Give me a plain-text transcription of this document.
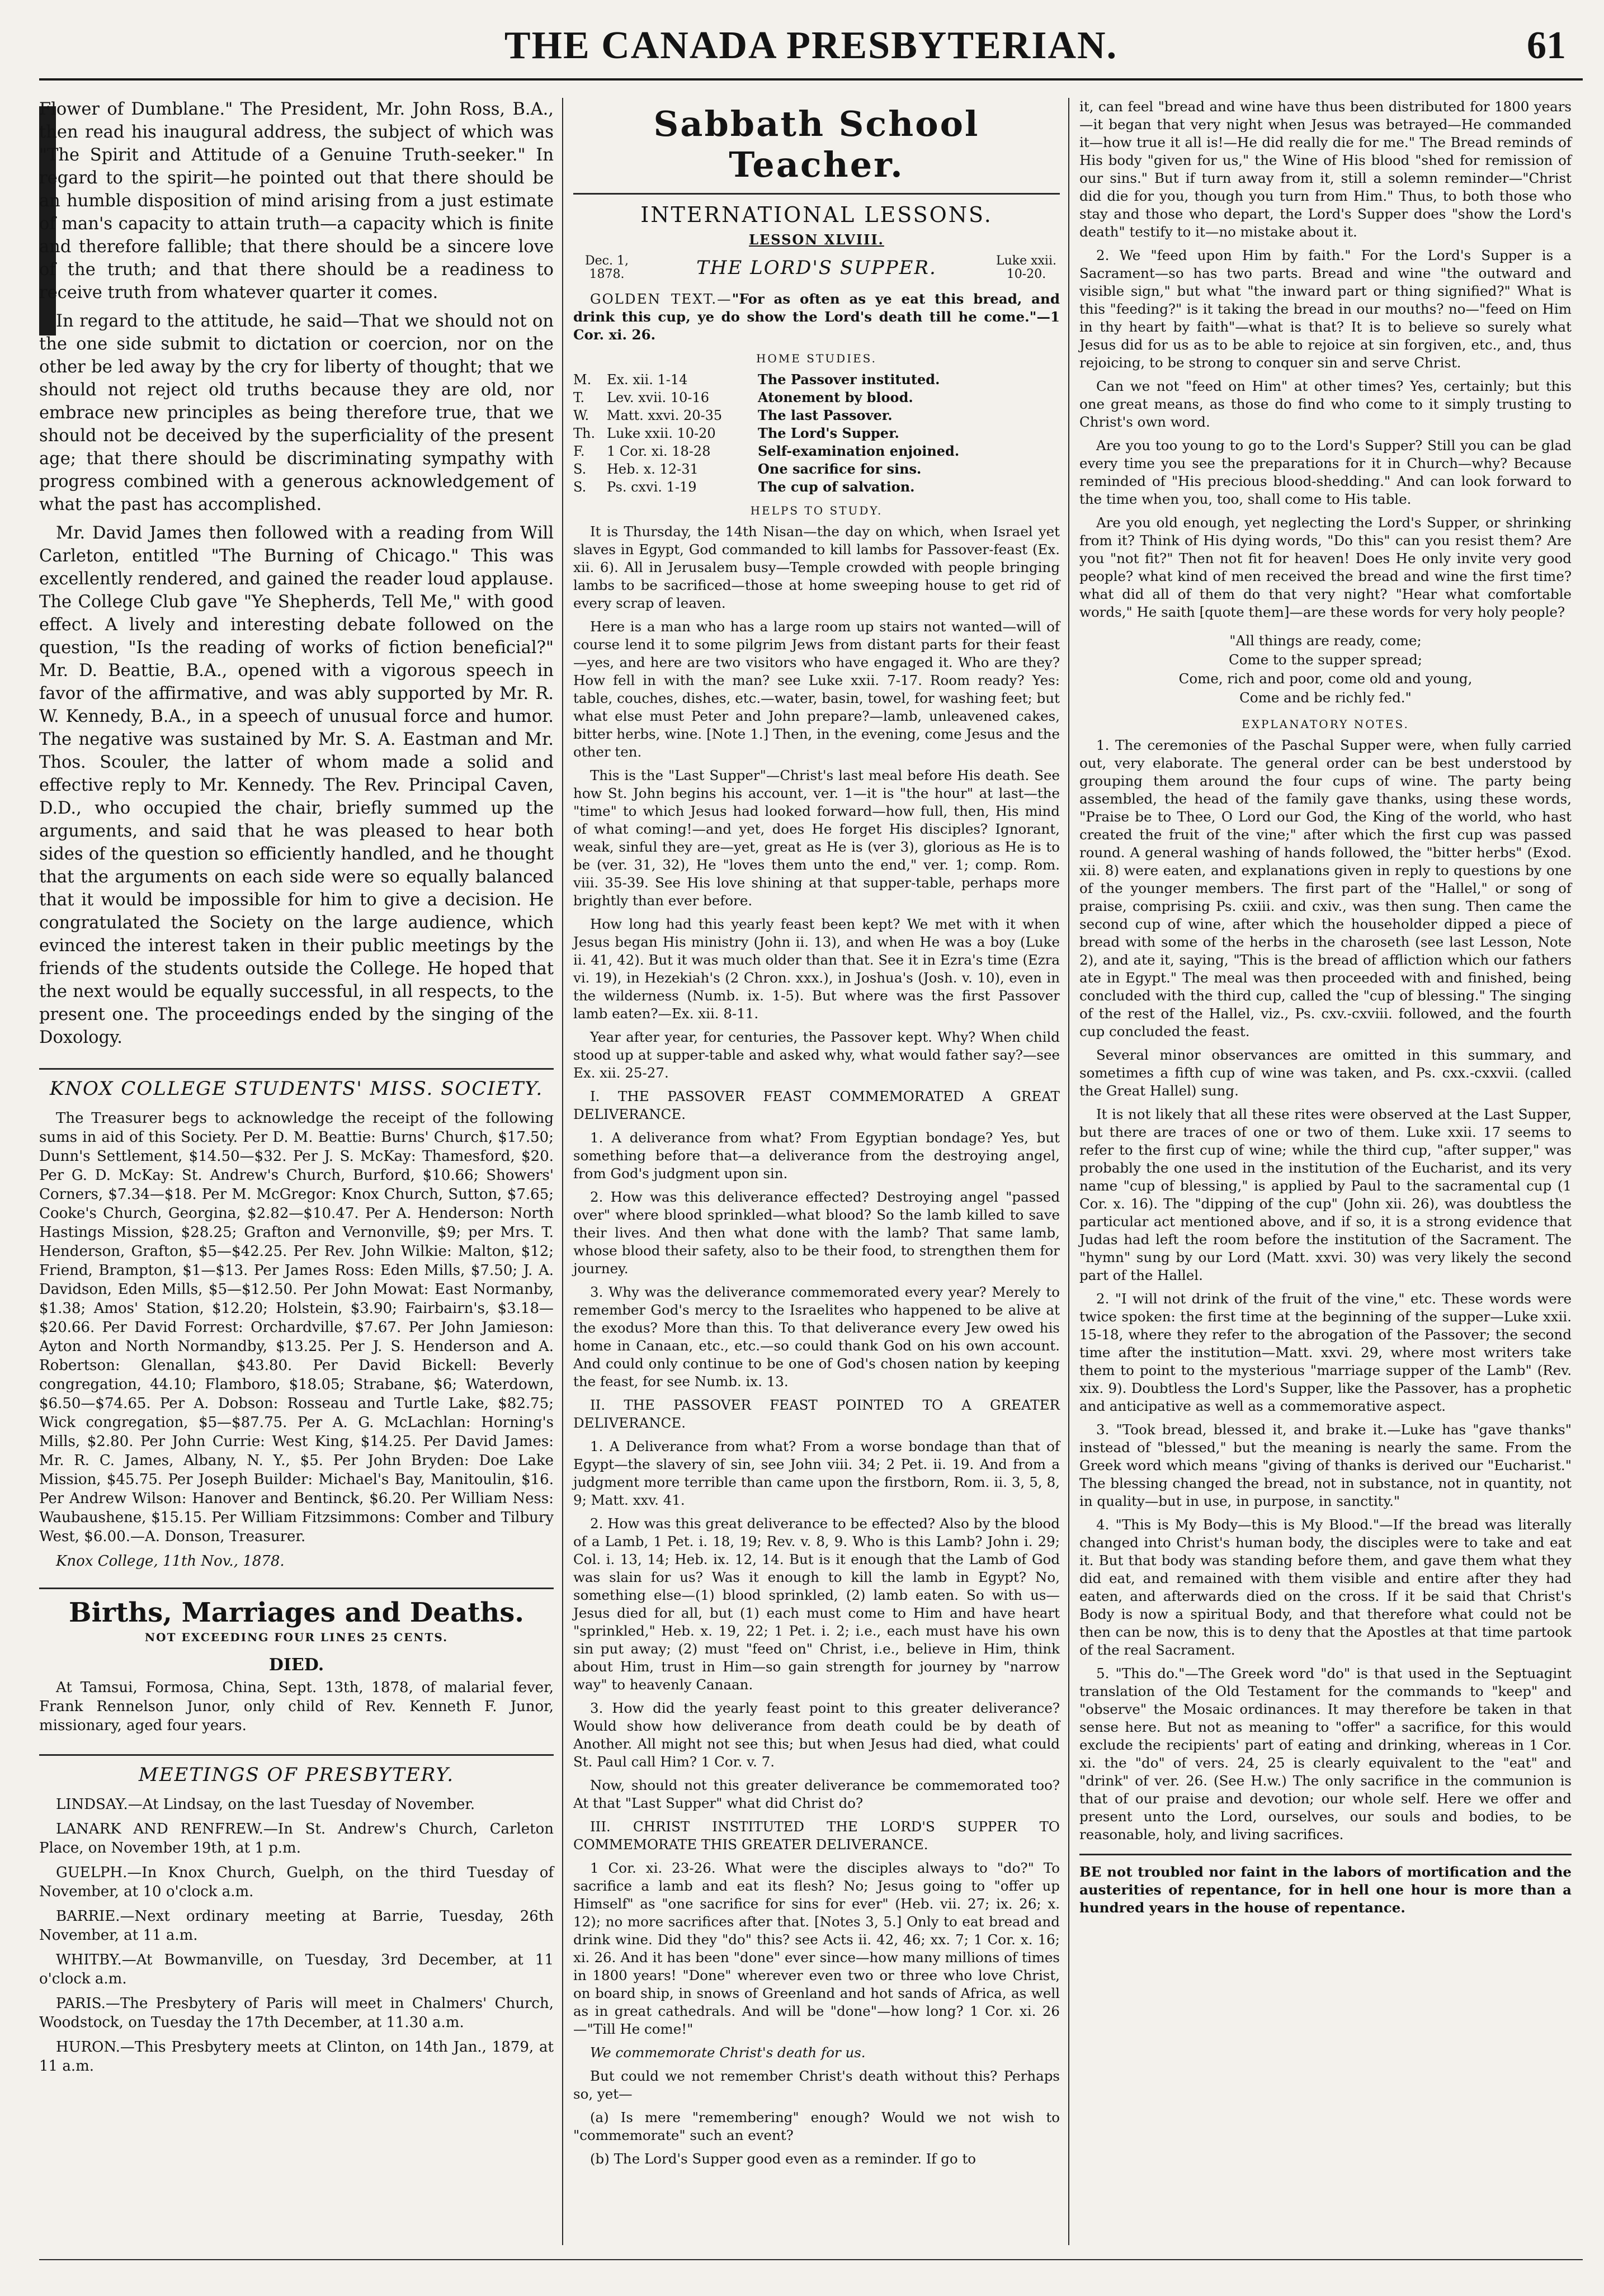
THE CANADA PRESBYTERIAN.	61

Flower of Dumblane." The President, Mr. John Ross, B.A., then read his inaugural address, the subject of which was "The Spirit and Attitude of a Genuine Truth-seeker." In regard to the spirit—he pointed out that there should be an humble disposition of mind arising from a just estimate of man's capacity to attain truth—a capacity which is finite and therefore fallible; that there should be a sincere love of the truth; and that there should be a readiness to receive truth from whatever quarter it comes.

In regard to the attitude, he said—That we should not on the one side submit to dictation or coercion, nor on the other be led away by the cry for liberty of thought; that we should not reject old truths because they are old, nor embrace new principles as being therefore true, that we should not be deceived by the superficiality of the present age; that there should be discriminating sympathy with progress combined with a generous acknowledgement of what the past has accomplished.

Mr. David James then followed with a reading from Will Carleton, entitled "The Burning of Chicago." This was excellently rendered, and gained the reader loud applause. The College Club gave "Ye Shepherds, Tell Me," with good effect. A lively and interesting debate followed on the question, "Is the reading of works of fiction beneficial?" Mr. D. Beattie, B.A., opened with a vigorous speech in favor of the affirmative, and was ably supported by Mr. R. W. Kennedy, B.A., in a speech of unusual force and humor. The negative was sustained by Mr. S. A. Eastman and Mr. Thos. Scouler, the latter of whom made a solid and effective reply to Mr. Kennedy. The Rev. Principal Caven, D.D., who occupied the chair, briefly summed up the arguments, and said that he was pleased to hear both sides of the question so efficiently handled, and he thought that the arguments on each side were so equally balanced that it would be impossible for him to give a decision. He congratulated the Society on the large audience, which evinced the interest taken in their public meetings by the friends of the students outside the College. He hoped that the next would be equally successful, in all respects, to the present one. The proceedings ended by the singing of the Doxology.

KNOX COLLEGE STUDENTS' MISS. SOCIETY.

The Treasurer begs to acknowledge the receipt of the following sums in aid of this Society. Per D. M. Beattie: Burns' Church, $17.50; Dunn's Settlement, $14.50—$32. Per J. S. McKay: Thamesford, $20. Per G. D. McKay: St. Andrew's Church, Burford, $10.66; Showers' Corners, $7.34—$18. Per M. McGregor: Knox Church, Sutton, $7.65; Cooke's Church, Georgina, $2.82—$10.47. Per A. Henderson: North Hastings Mission, $28.25; Grafton and Vernonville, $9; per Mrs. T. Henderson, Grafton, $5—$42.25. Per Rev. John Wilkie: Malton, $12; Friend, Brampton, $1—$13. Per James Ross: Eden Mills, $7.50; J. A. Davidson, Eden Mills, $5—$12.50. Per John Mowat: East Normanby, $1.38; Amos' Station, $12.20; Holstein, $3.90; Fairbairn's, $3.18—$20.66. Per David Forrest: Orchardville, $7.67. Per John Jamieson: Ayton and North Normandby, $13.25. Per J. S. Henderson and A. Robertson: Glenallan, $43.80. Per David Bickell: Beverly congregation, 44.10; Flamboro, $18.05; Strabane, $6; Waterdown, $6.50—$74.65. Per A. Dobson: Rosseau and Turtle Lake, $82.75; Wick congregation, $5—$87.75. Per A. G. McLachlan: Horning's Mills, $2.80. Per John Currie: West King, $14.25. Per David James: Mr. R. C. James, Albany, N. Y., $5. Per John Bryden: Doe Lake Mission, $45.75. Per Joseph Builder: Michael's Bay, Manitoulin, $16. Per Andrew Wilson: Hanover and Bentinck, $6.20. Per William Ness: Waubaushene, $15.15. Per William Fitzsimmons: Comber and Tilbury West, $6.00.—A. Donson, Treasurer.

Knox College, 11th Nov., 1878.

Births, Marriages and Deaths.
NOT EXCEEDING FOUR LINES 25 CENTS.
DIED.

At Tamsui, Formosa, China, Sept. 13th, 1878, of malarial fever, Frank Rennelson Junor, only child of Rev. Kenneth F. Junor, missionary, aged four years.

MEETINGS OF PRESBYTERY.

LINDSAY.—At Lindsay, on the last Tuesday of November.

LANARK AND RENFREW.—In St. Andrew's Church, Carleton Place, on November 19th, at 1 p.m.

GUELPH.—In Knox Church, Guelph, on the third Tuesday of November, at 10 o'clock a.m.

BARRIE.—Next ordinary meeting at Barrie, Tuesday, 26th November, at 11 a.m.

WHITBY.—At Bowmanville, on Tuesday, 3rd December, at 11 o'clock a.m.

PARIS.—The Presbytery of Paris will meet in Chalmers' Church, Woodstock, on Tuesday the 17th December, at 11.30 a.m.

HURON.—This Presbytery meets at Clinton, on 14th Jan., 1879, at 11 a.m.

Sabbath School Teacher.
INTERNATIONAL LESSONS.
LESSON XLVIII.
Dec. 1, 1878.	THE LORD'S SUPPER.	Luke xxii. 10-20.

GOLDEN TEXT.—"For as often as ye eat this bread, and drink this cup, ye do show the Lord's death till he come."—1 Cor. xi. 26.

HOME STUDIES.
M.	Ex. xii. 1-14	The Passover instituted.
T.	Lev. xvii. 10-16	Atonement by blood.
W.	Matt. xxvi. 20-35	The last Passover.
Th. Luke xxii. 10-20	The Lord's Supper.
F.	1 Cor. xi. 18-28	Self-examination enjoined.
S.	Heb. x. 12-31	One sacrifice for sins.
S.	Ps. cxvi. 1-19	The cup of salvation.
HELPS TO STUDY.

It is Thursday, the 14th Nisan—the day on which, when Israel yet slaves in Egypt, God commanded to kill lambs for Passover-feast (Ex. xii. 6). All in Jerusalem busy—Temple crowded with people bringing lambs to be sacrificed—those at home sweeping house to get rid of every scrap of leaven.

Here is a man who has a large room up stairs not wanted—will of course lend it to some pilgrim Jews from distant parts for their feast—yes, and here are two visitors who have engaged it. Who are they? How fell in with the man? see Luke xxii. 7-17. Room ready? Yes: table, couches, dishes, etc.—water, basin, towel, for washing feet; but what else must Peter and John prepare?—lamb, unleavened cakes, bitter herbs, wine. [Note 1.] Then, in the evening, come Jesus and the other ten.

This is the "Last Supper"—Christ's last meal before His death. See how St. John begins his account, ver. 1—it is "the hour" at last—the "time" to which Jesus had looked forward—how full, then, His mind of what coming!—and yet, does He forget His disciples? Ignorant, weak, sinful they are—yet, great as He is (ver 3), glorious as He is to be (ver. 31, 32), He "loves them unto the end," ver. 1; comp. Rom. viii. 35-39. See His love shining at that supper-table, perhaps more brightly than ever before.

How long had this yearly feast been kept? We met with it when Jesus began His ministry (John ii. 13), and when He was a boy (Luke ii. 41, 42). But it was much older than that. See it in Ezra's time (Ezra vi. 19), in Hezekiah's (2 Chron. xxx.), in Joshua's (Josh. v. 10), even in the wilderness (Numb. ix. 1-5). But where was the first Passover lamb eaten?—Ex. xii. 8-11.

Year after year, for centuries, the Passover kept. Why? When child stood up at supper-table and asked why, what would father say?—see Ex. xii. 25-27.

I. THE PASSOVER FEAST COMMEMORATED A GREAT DELIVERANCE.

1. A deliverance from what? From Egyptian bondage? Yes, but something before that—a deliverance from the destroying angel, from God's judgment upon sin.

2. How was this deliverance effected? Destroying angel "passed over" where blood sprinkled—what blood? So the lamb killed to save their lives. And then what done with the lamb? That same lamb, whose blood their safety, also to be their food, to strengthen them for journey.

3. Why was the deliverance commemorated every year? Merely to remember God's mercy to the Israelites who happened to be alive at the exodus? More than this. To that deliverance every Jew owed his home in Canaan, etc., etc.—so could thank God on his own account. And could only continue to be one of God's chosen nation by keeping the feast, for see Numb. ix. 13.

II. THE PASSOVER FEAST POINTED TO A GREATER DELIVERANCE.

1. A Deliverance from what? From a worse bondage than that of Egypt—the slavery of sin, see John viii. 34; 2 Pet. ii. 19. And from a judgment more terrible than came upon the firstborn, Rom. ii. 3, 5, 8, 9; Matt. xxv. 41.

2. How was this great deliverance to be effected? Also by the blood of a Lamb, 1 Pet. i. 18, 19; Rev. v. 8, 9. Who is this Lamb? John i. 29; Col. i. 13, 14; Heb. ix. 12, 14. But is it enough that the Lamb of God was slain for us? Was it enough to kill the lamb in Egypt? No, something else—(1) blood sprinkled, (2) lamb eaten. So with us—Jesus died for all, but (1) each must come to Him and have heart "sprinkled," Heb. x. 19, 22; 1 Pet. i. 2; i.e., each must have his own sin put away; (2) must "feed on" Christ, i.e., believe in Him, think about Him, trust in Him—so gain strength for journey by "narrow way" to heavenly Canaan.

3. How did the yearly feast point to this greater deliverance? Would show how deliverance from death could be by death of Another. All might not see this; but when Jesus had died, what could St. Paul call Him? 1 Cor. v. 7.

Now, should not this greater deliverance be commemorated too? At that "Last Supper" what did Christ do?

III. CHRIST INSTITUTED THE LORD'S SUPPER TO COMMEMORATE THIS GREATER DELIVERANCE.

1 Cor. xi. 23-26. What were the disciples always to "do?" To sacrifice a lamb and eat its flesh? No; Jesus going to "offer up Himself" as "one sacrifice for sins for ever" (Heb. vii. 27; ix. 26; x. 12); no more sacrifices after that. [Notes 3, 5.] Only to eat bread and drink wine. Did they "do" this? see Acts ii. 42, 46; xx. 7; 1 Cor. x. 16; xi. 26. And it has been "done" ever since—how many millions of times in 1800 years! "Done" wherever even two or three who love Christ, on board ship, in snows of Greenland and hot sands of Africa, as well as in great cathedrals. And will be "done"—how long? 1 Cor. xi. 26—"Till He come!"

We commemorate Christ's death for us.

But could we not remember Christ's death without this? Perhaps so, yet—

(a) Is mere "remembering" enough? Would we not wish to "commemorate" such an event?

(b) The Lord's Supper good even as a reminder. If go to

it, can feel "bread and wine have thus been distributed for 1800 years—it began that very night when Jesus was betrayed—He commanded it—how true it all is!—He did really die for me." The Bread reminds of His body "given for us," the Wine of His blood "shed for remission of our sins." But if turn away from it, still a solemn reminder—"Christ did die for you, though you turn from Him." Thus, to both those who stay and those who depart, the Lord's Supper does "show the Lord's death" testify to it—no mistake about it.

2. We "feed upon Him by faith." For the Lord's Supper is a Sacrament—so has two parts. Bread and wine "the outward and visible sign," but what "the inward part or thing signified?" What is this "feeding?" is it taking the bread in our mouths? no—"feed on Him in thy heart by faith"—what is that? It is to believe so surely what Jesus did for us as to be able to rejoice at sin forgiven, etc., and, thus rejoicing, to be strong to conquer sin and serve Christ.

Can we not "feed on Him" at other times? Yes, certainly; but this one great means, as those do find who come to it simply trusting to Christ's own word.

Are you too young to go to the Lord's Supper? Still you can be glad every time you see the preparations for it in Church—why? Because reminded of "His precious blood-shedding." And can look forward to the time when you, too, shall come to His table.

Are you old enough, yet neglecting the Lord's Supper, or shrinking from it? Think of His dying words, "Do this" can you resist them? Are you "not fit?" Then not fit for heaven! Does He only invite very good people? what kind of men received the bread and wine the first time? what did all of them do that very night? "Hear what comfortable words," He saith [quote them]—are these words for very holy people?

"All things are ready, come;
Come to the supper spread;
Come, rich and poor, come old and young,
Come and be richly fed."
EXPLANATORY NOTES.

1. The ceremonies of the Paschal Supper were, when fully carried out, very elaborate. The general order can be best understood by grouping them around the four cups of wine. The party being assembled, the head of the family gave thanks, using these words, "Praise be to Thee, O Lord our God, the King of the world, who hast created the fruit of the vine;" after which the first cup was passed round. A general washing of hands followed, the "bitter herbs" (Exod. xii. 8) were eaten, and explanations given in reply to questions by one of the younger members. The first part of the "Hallel," or song of praise, comprising Ps. cxiii. and cxiv., was then sung. Then came the second cup of wine, after which the householder dipped a piece of bread with some of the herbs in the charoseth (see last Lesson, Note 2), and ate it, saying, "This is the bread of affliction which our fathers ate in Egypt." The meal was then proceeded with and finished, being concluded with the third cup, called the "cup of blessing." The singing of the rest of the Hallel, viz., Ps. cxv.-cxviii. followed, and the fourth cup concluded the feast.

Several minor observances are omitted in this summary, and sometimes a fifth cup of wine was taken, and Ps. cxx.-cxxvii. (called the Great Hallel) sung.

It is not likely that all these rites were observed at the Last Supper, but there are traces of one or two of them. Luke xxii. 17 seems to refer to the first cup of wine; while the third cup, "after supper," was probably the one used in the institution of the Eucharist, and its very name "cup of blessing," is applied by Paul to the sacramental cup (1 Cor. x. 16). The "dipping of the cup" (John xii. 26), was doubtless the particular act mentioned above, and if so, it is a strong evidence that Judas had left the room before the institution of the Sacrament. The "hymn" sung by our Lord (Matt. xxvi. 30) was very likely the second part of the Hallel.

2. "I will not drink of the fruit of the vine," etc. These words were twice spoken: the first time at the beginning of the supper—Luke xxii. 15-18, where they refer to the abrogation of the Passover; the second time after the institution—Matt. xxvi. 29, where most writers take them to point to the mysterious "marriage supper of the Lamb" (Rev. xix. 9). Doubtless the Lord's Supper, like the Passover, has a prophetic and anticipative as well as a commemorative aspect.

3. "Took bread, blessed it, and brake it.—Luke has "gave thanks" instead of "blessed," but the meaning is nearly the same. From the Greek word which means "giving of thanks is derived our "Eucharist." The blessing changed the bread, not in substance, not in quantity, not in quality—but in use, in purpose, in sanctity."

4. "This is My Body—this is My Blood."—If the bread was literally changed into Christ's human body, the disciples were to take and eat it. But that body was standing before them, and gave them what they did eat, and remained with them visible and entire after they had eaten, and afterwards died on the cross. If it be said that Christ's Body is now a spiritual Body, and that therefore what could not be then can be now, this is to deny that the Apostles at that time partook of the real Sacrament.

5. "This do."—The Greek word "do" is that used in the Septuagint translation of the Old Testament for the commands to "keep" and "observe" the Mosaic ordinances. It may therefore be taken in that sense here. But not as meaning to "offer" a sacrifice, for this would exclude the recipients' part of eating and drinking, whereas in 1 Cor. xi. the "do" of vers. 24, 25 is clearly equivalent to the "eat" and "drink" of ver. 26. (See H.w.) The only sacrifice in the communion is that of our praise and devotion; our whole self. Here we offer and present unto the Lord, ourselves, our souls and bodies, to be reasonable, holy, and living sacrifices.

BE not troubled nor faint in the labors of mortification and the austerities of repentance, for in hell one hour is more than a hundred years in the house of repentance.
